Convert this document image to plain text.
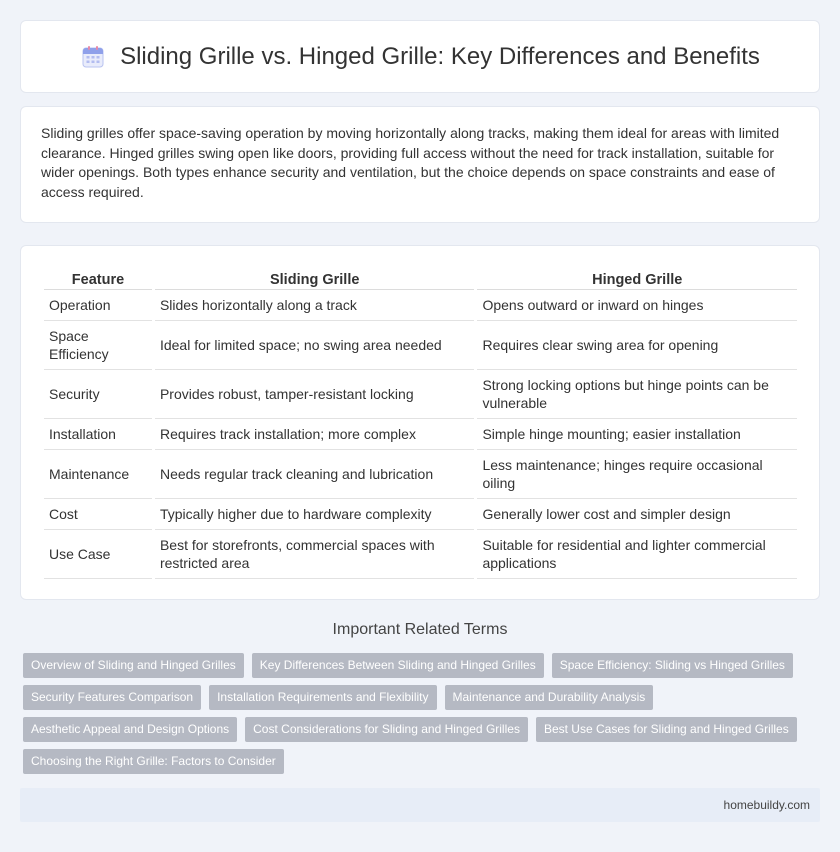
Sliding Grille vs. Hinged Grille: Key Differences and Benefits

Sliding grilles offer space-saving operation by moving horizontally along tracks, making them ideal for areas with limited clearance. Hinged grilles swing open like doors, providing full access without the need for track installation, suitable for wider openings. Both types enhance security and ventilation, but the choice depends on space constraints and ease of access required.

Feature	Sliding Grille	Hinged Grille
Operation	Slides horizontally along a track	Opens outward or inward on hinges
Space Efficiency	Ideal for limited space; no swing area needed	Requires clear swing area for opening
Security	Provides robust, tamper-resistant locking	Strong locking options but hinge points can be vulnerable
Installation	Requires track installation; more complex	Simple hinge mounting; easier installation
Maintenance	Needs regular track cleaning and lubrication	Less maintenance; hinges require occasional oiling
Cost	Typically higher due to hardware complexity	Generally lower cost and simpler design
Use Case	Best for storefronts, commercial spaces with restricted area	Suitable for residential and lighter commercial applications
Important Related Terms
Overview of Sliding and Hinged Grilles	Key Differences Between Sliding and Hinged Grilles	Space Efficiency: Sliding vs Hinged Grilles
Security Features Comparison	Installation Requirements and Flexibility	Maintenance and Durability Analysis
Aesthetic Appeal and Design Options	Cost Considerations for Sliding and Hinged Grilles	Best Use Cases for Sliding and Hinged Grilles
Choosing the Right Grille: Factors to Consider
homebuildy.com
